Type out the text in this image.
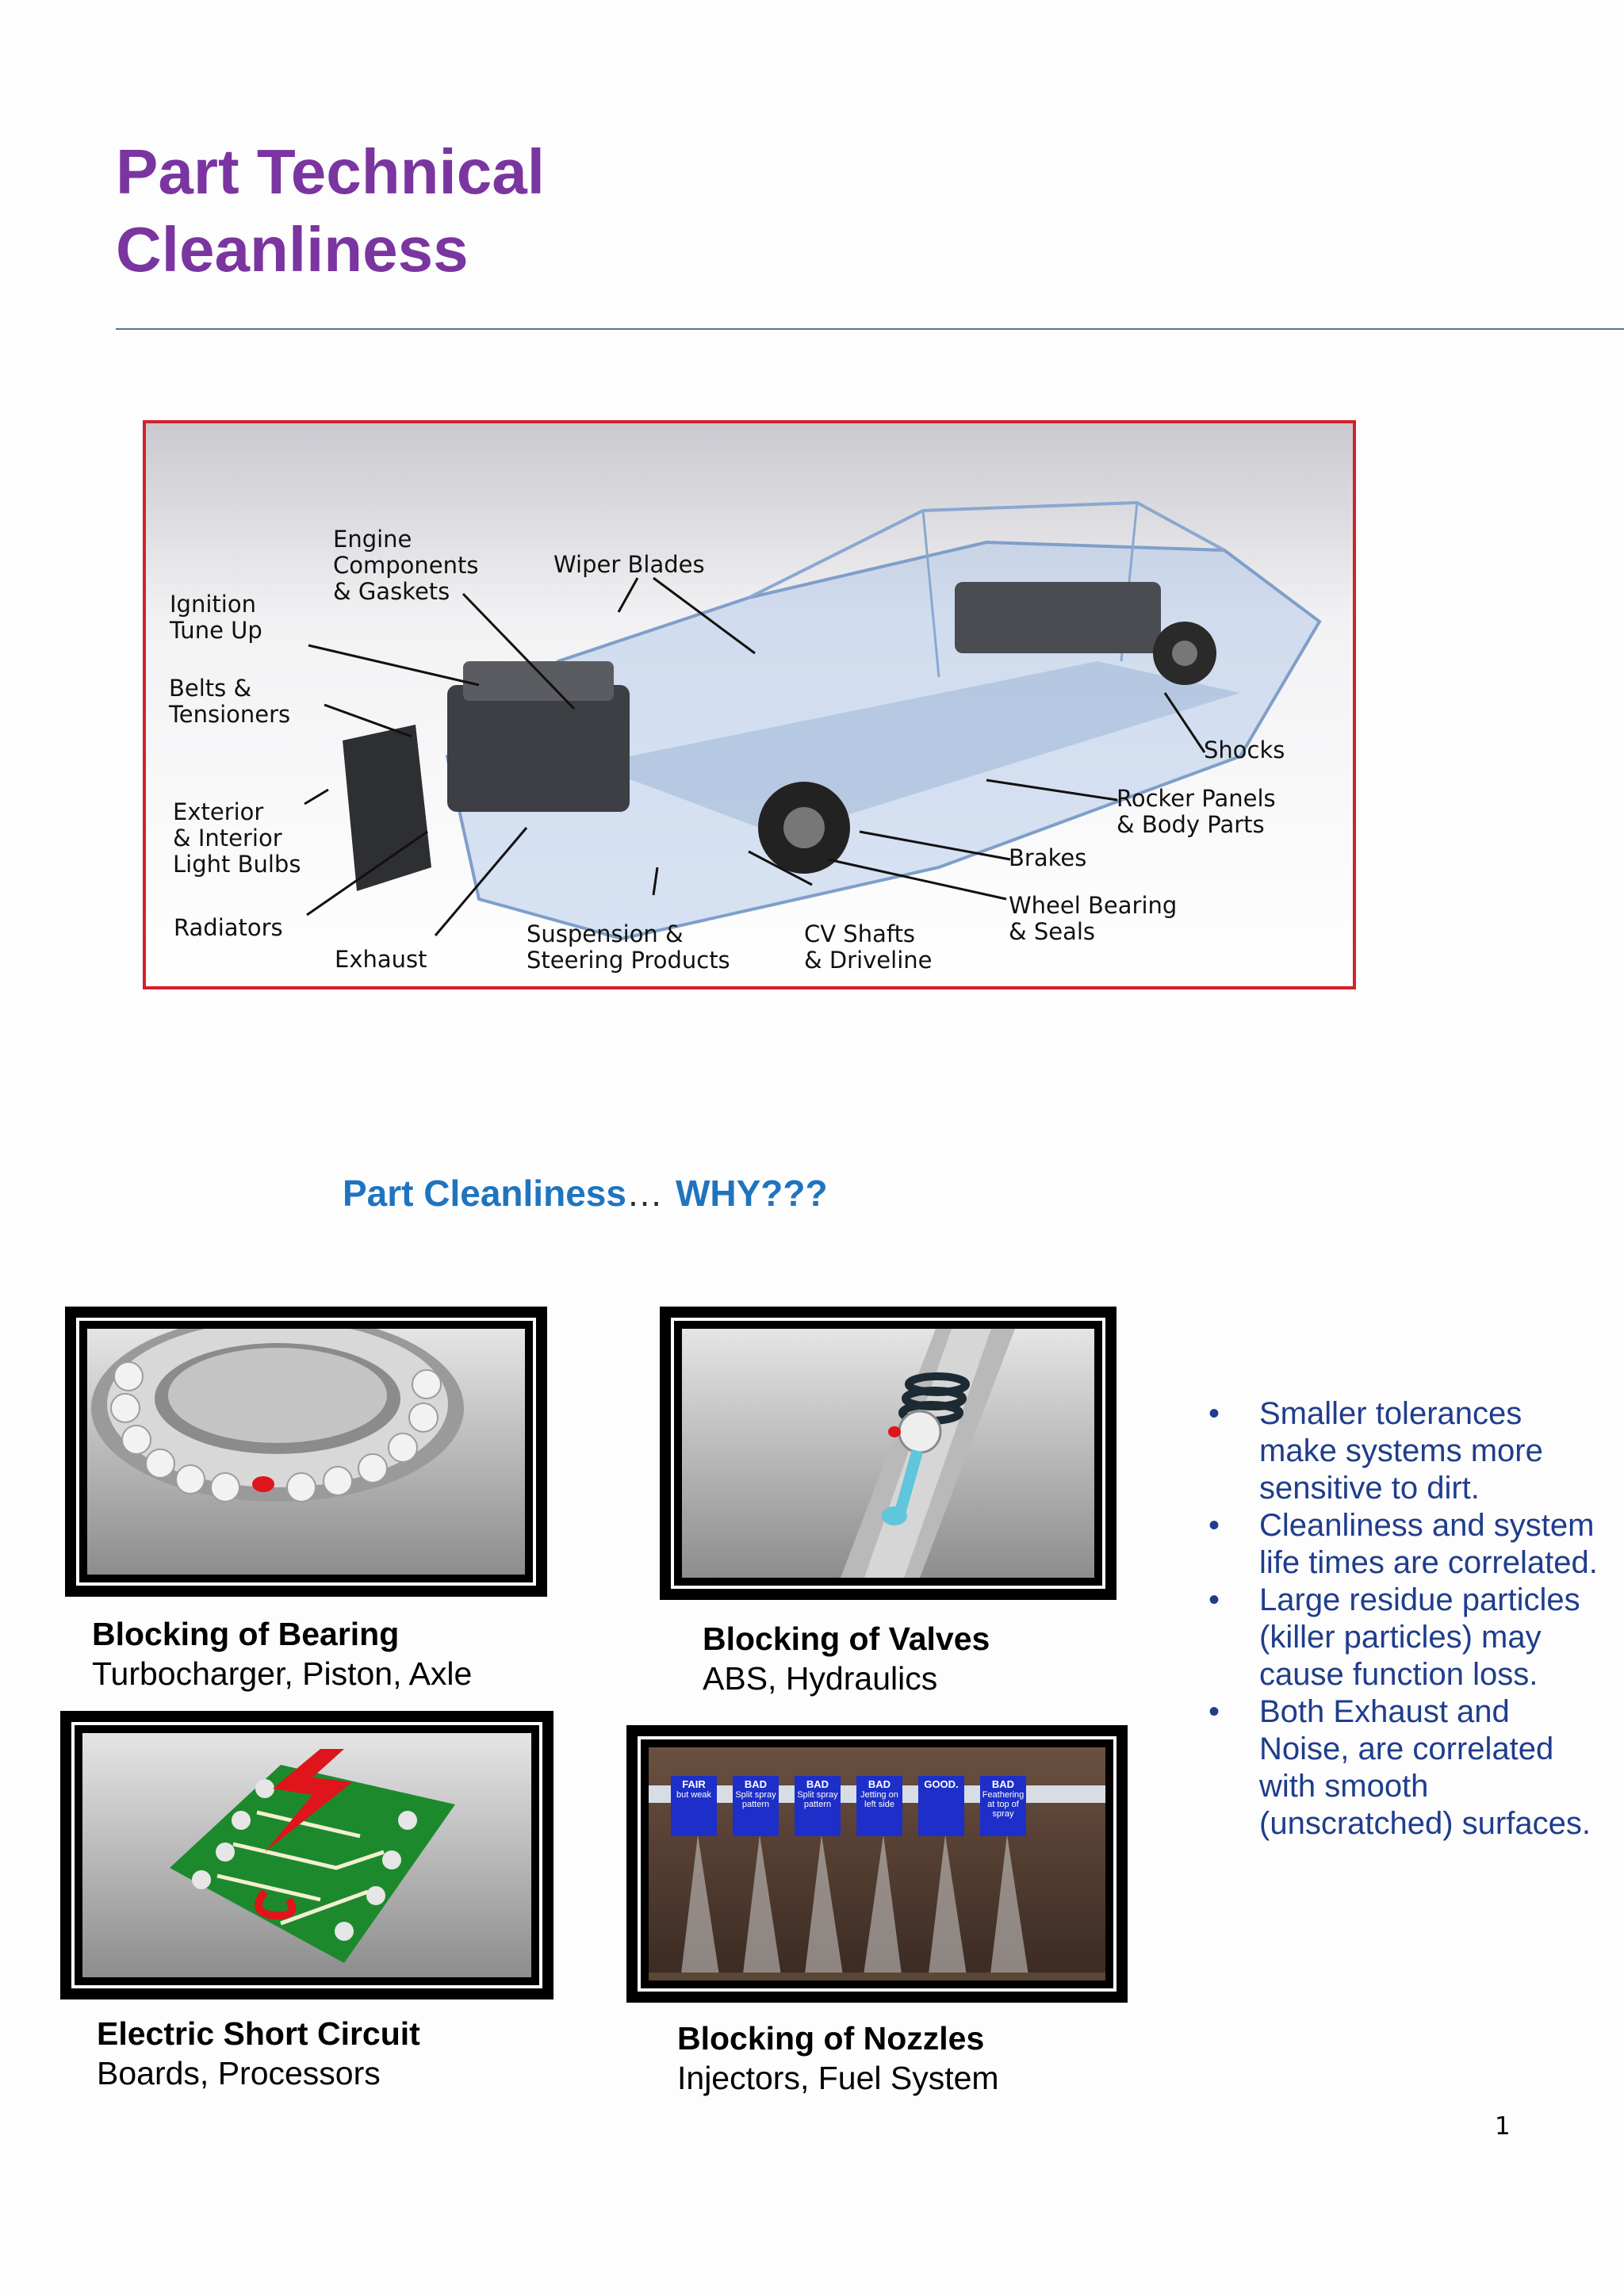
Part Technical
Cleanliness
Engine
Components
& Gaskets
Wiper Blades
Ignition
Tune Up
Belts &
Tensioners
Exterior
& Interior
Light Bulbs
Radiators
Exhaust
Suspension &
Steering Products
CV Shafts
& Driveline
Shocks
Rocker Panels
& Body Parts
Brakes
Wheel Bearing
& Seals
Part Cleanliness… WHY???
Blocking of Bearing
Turbocharger, Piston, Axle
Blocking of Valves
ABS, Hydraulics
Electric Short Circuit
Boards, Processors
FAIR
but weak
BAD
Split spray pattern
BAD
Split spray pattern
BAD
Jetting on left side
GOOD.	BAD
Feathering at top of spray
Blocking of Nozzles
Injectors, Fuel System
• Smaller tolerances make systems more sensitive to dirt.
• Cleanliness and system life times are correlated.
• Large residue particles (killer particles) may cause function loss.
• Both Exhaust and Noise, are correlated with smooth (unscratched) surfaces.
1
